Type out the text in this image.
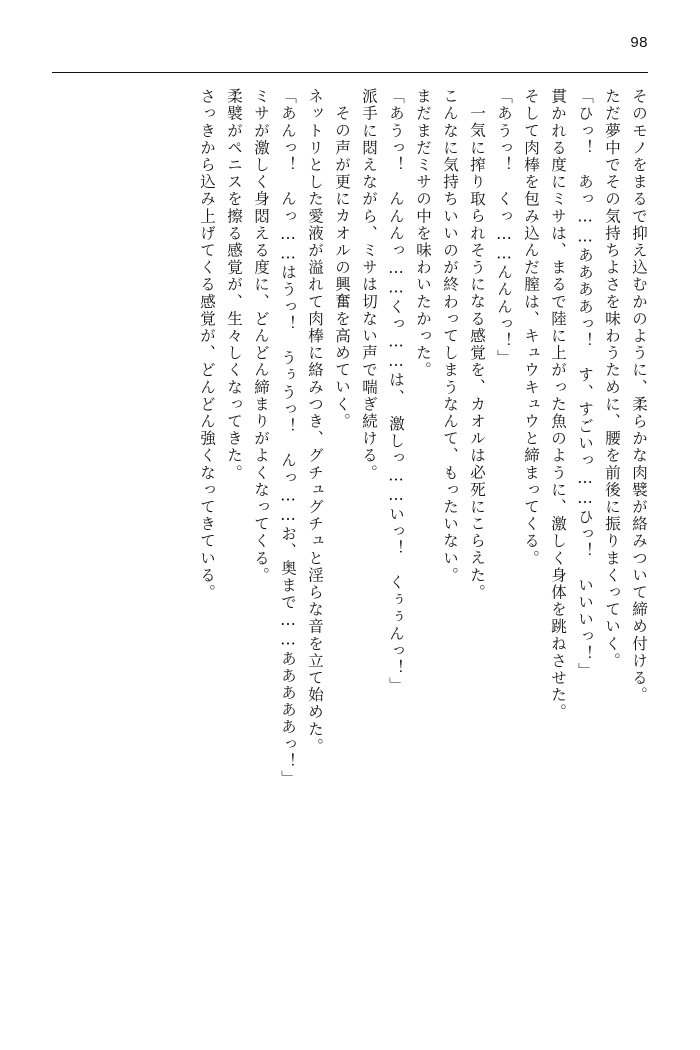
98
そのモノをまるで抑え込むかのように、柔らかな肉襞が絡みついて締め付ける。
ただ夢中でその気持ちよさを味わうために、腰を前後に振りまくっていく。
「ひっ！　あっ……ああああっ！　す、すごいっ……ひっ！　いいいっ！」
貫かれる度にミサは、まるで陸に上がった魚のように、激しく身体を跳ねさせた。
そして肉棒を包み込んだ膣は、キュウキュウと締まってくる。
「あうっ！　くっ……んんんっ！」
一気に搾り取られそうになる感覚を、カオルは必死にこらえた。
こんなに気持ちいいのが終わってしまうなんて、もったいない。
まだまだミサの中を味わいたかった。
「あうっ！　んんんっ……くっ……は、　激しっ……いっ！　くぅぅんっ！」
派手に悶えながら、ミサは切ない声で喘ぎ続ける。
その声が更にカオルの興奮を高めていく。
ネットリとした愛液が溢れて肉棒に絡みつき、グチュグチュと淫らな音を立て始めた。
「あんっ！　んっ……はうっ！　うぅうっ！　んっ……お、奥まで……あああああっ！」
ミサが激しく身悶える度に、どんどん締まりがよくなってくる。
柔襞がペニスを擦る感覚が、生々しくなってきた。
さっきから込み上げてくる感覚が、どんどん強くなってきている。
